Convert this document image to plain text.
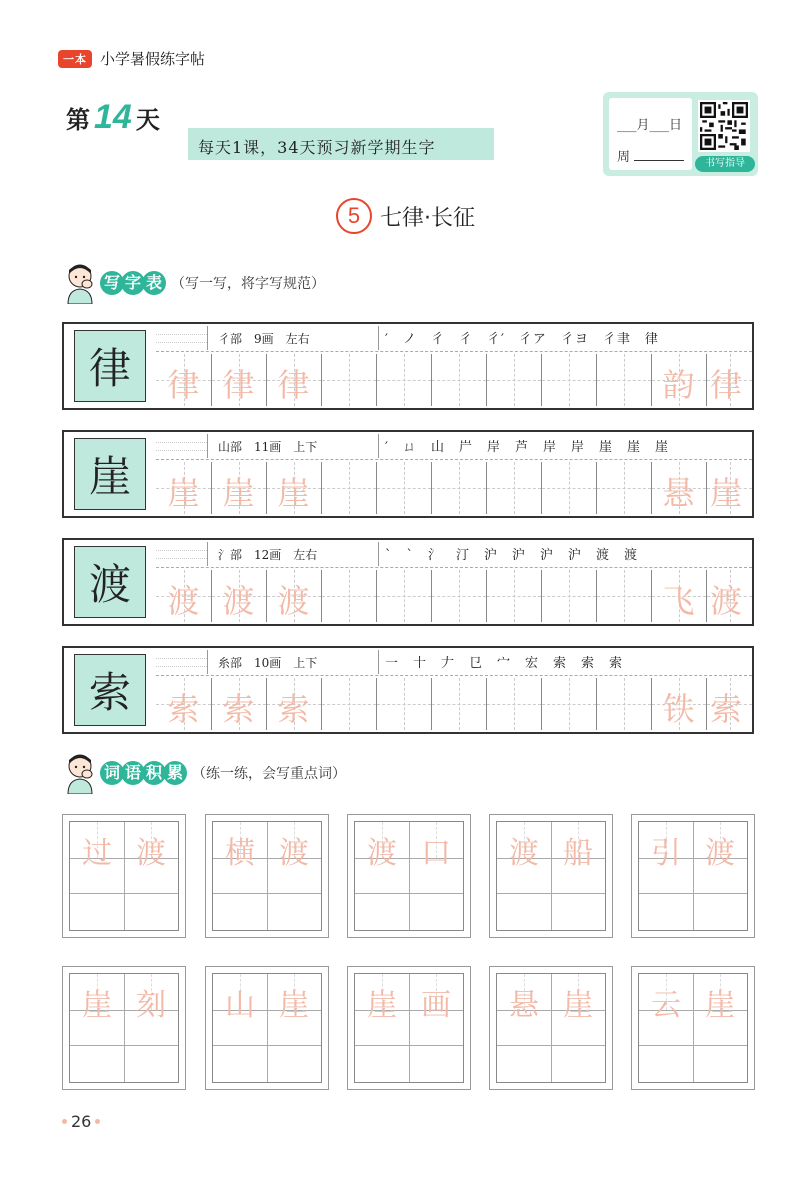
一本 小学暑假练字帖
第 14 天
每天1课，34天预习新学期生字
___月___日
周	书写指导
5 七律·长征
写 字 表 （写一写，将字写规范）
律
彳部　9画　左右	′　ノ　彳　彳　彳′　彳ア　彳ヨ　彳聿　律
律 律 律	韵 律
崖
山部　11画　上下	′　ㄩ　山　屵　岸　芦　岸　岸　崖　崖　崖
崖 崖 崖	悬 崖
渡
氵部　12画　左右	`　`　氵　汀　沪　沪　沪　沪　渡　渡
渡 渡 渡	飞 渡
索
糸部　10画　上下	一　十　𠂇　㔾　宀　宏　索　索　索
索 索 索	铁 索
词 语 积 累 （练一练，会写重点词）
过 渡	横 渡	渡 口	渡 船	引 渡
崖 刻	山 崖	崖 画	悬 崖	云 崖
26
